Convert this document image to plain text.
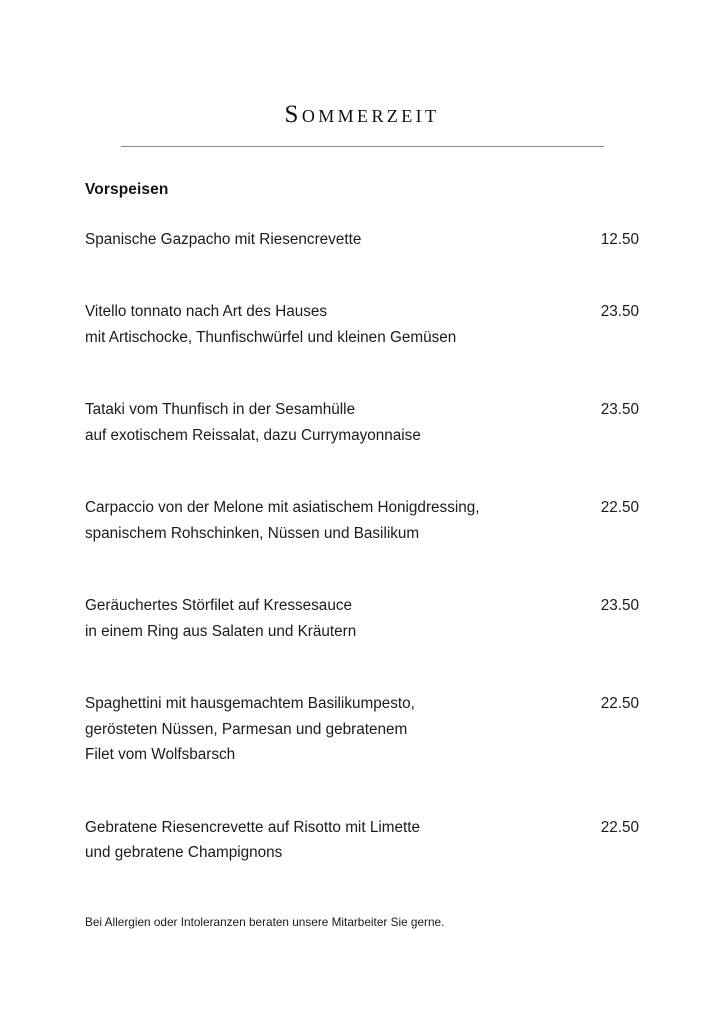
Sommerzeit
Vorspeisen
Spanische Gazpacho mit Riesencrevette	12.50
Vitello tonnato nach Art des Hauses
mit Artischocke, Thunfischwürfel und kleinen Gemüsen
23.50
Tataki vom Thunfisch in der Sesamhülle
auf exotischem Reissalat, dazu Currymayonnaise
23.50
Carpaccio von der Melone mit asiatischem Honigdressing,
spanischem Rohschinken, Nüssen und Basilikum
22.50
Geräuchertes Störfilet auf Kressesauce
in einem Ring aus Salaten und Kräutern
23.50
Spaghettini mit hausgemachtem Basilikumpesto,
gerösteten Nüssen, Parmesan und gebratenem
Filet vom Wolfsbarsch
22.50
Gebratene Riesencrevette auf Risotto mit Limette
und gebratene Champignons
22.50

Bei Allergien oder Intoleranzen beraten unsere Mitarbeiter Sie gerne.
